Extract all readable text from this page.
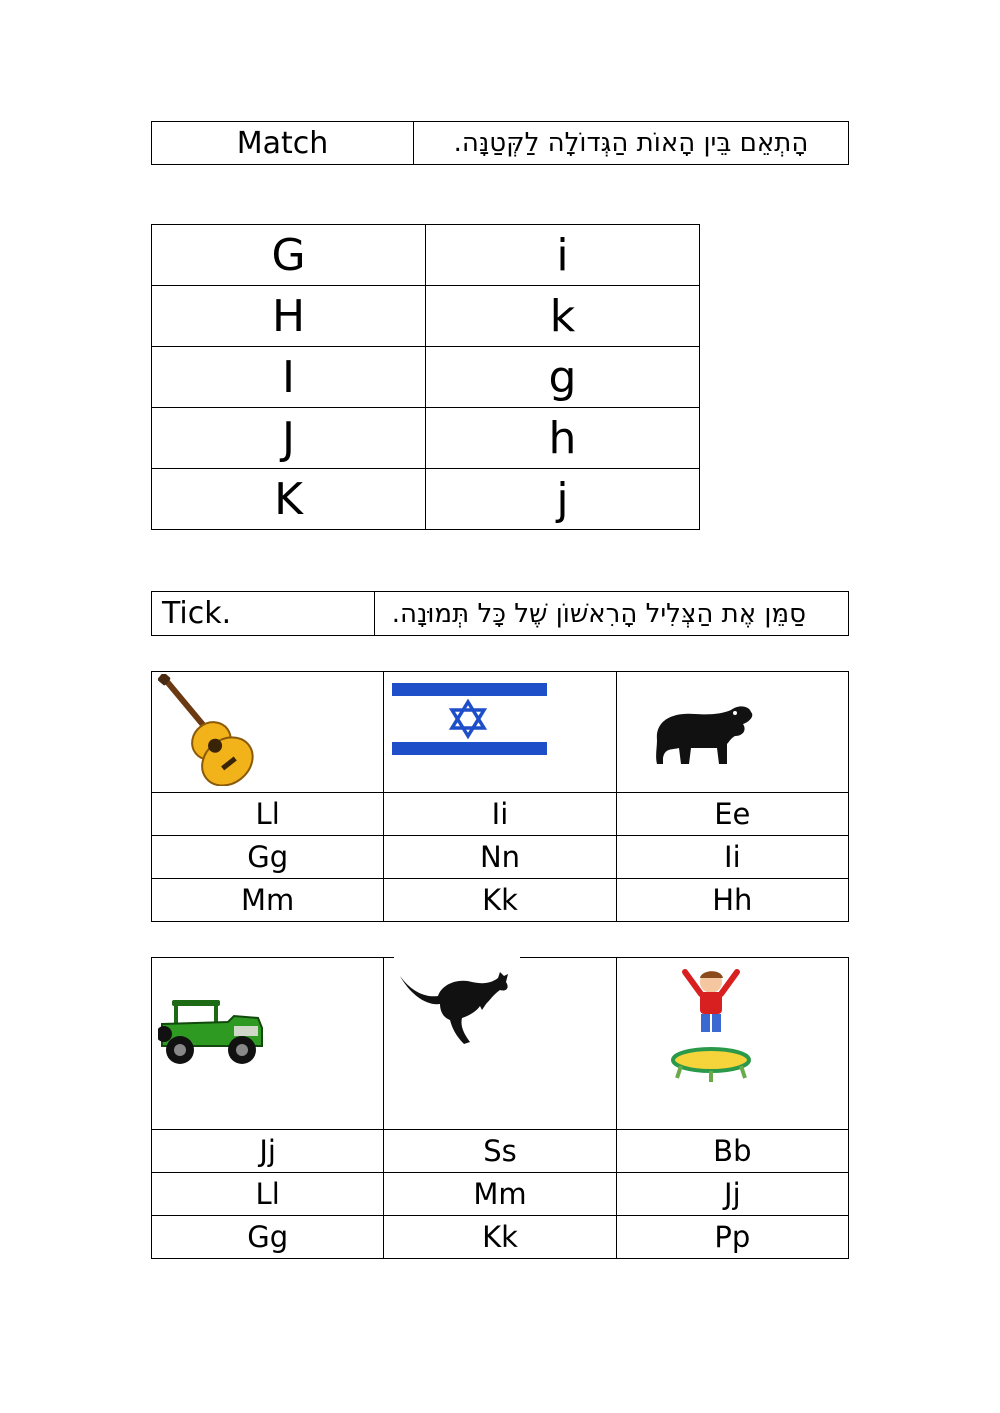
Match	הָתְאֵם בֵּין הָאוֹת הַגְּדוֹלָה לַקְּטַנָּה.
G	i
H	k
I	g
J	h
K	j
Tick.	סַמֵּן אֶת הַצְּלִיל הָרִאשׁוֹן שֶׁל כָּל תְּמוּנָה.

Ll	Ii	Ee
Gg	Nn	Ii
Mm	Kk	Hh

Jj	Ss	Bb
Ll	Mm	Jj
Gg	Kk	Pp
